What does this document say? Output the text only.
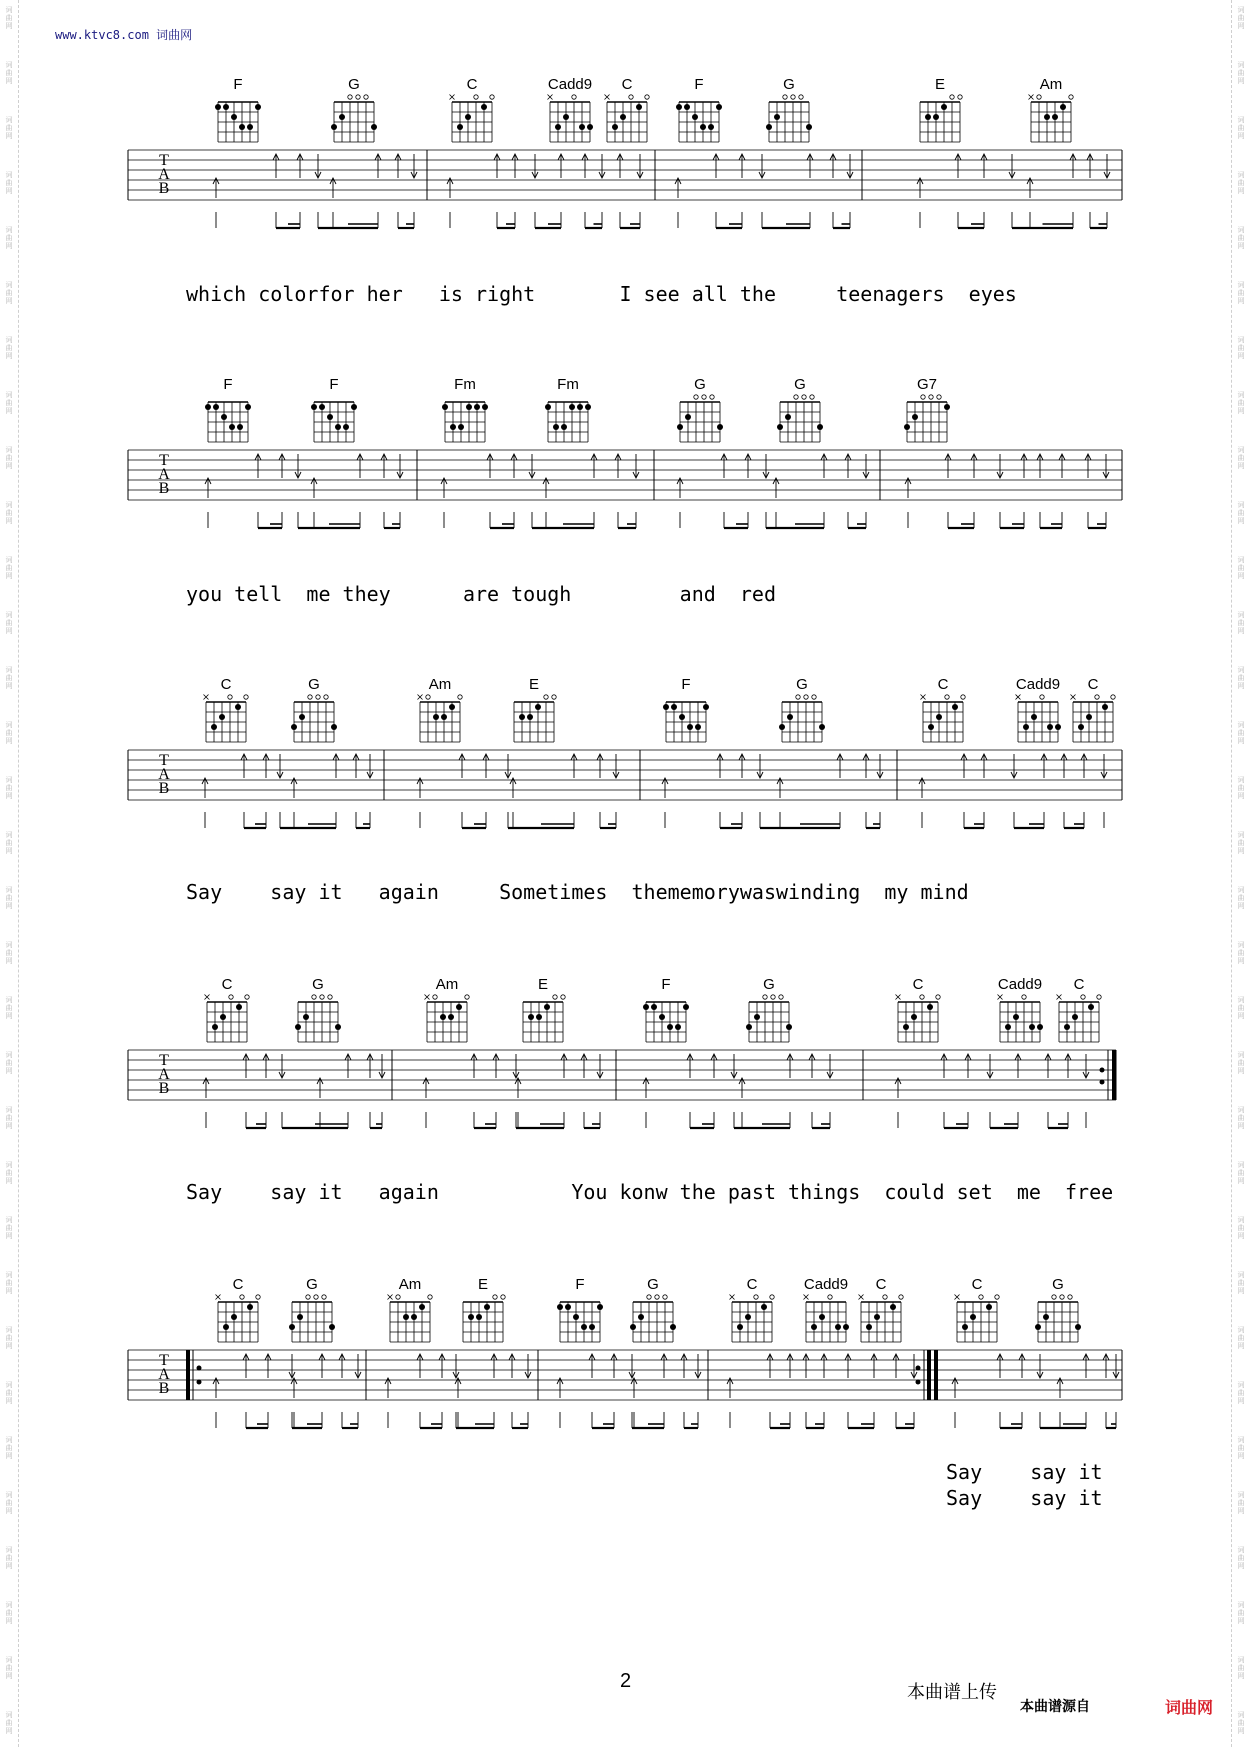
词
曲
网
词
曲
网
词
曲
网
词
曲
网
词
曲
网
词
曲
网
词
曲
网
词
曲
网
词
曲
网
词
曲
网
词
曲
网
词
曲
网
词
曲
网
词
曲
网
词
曲
网
词
曲
网
词
曲
网
词
曲
网
词
曲
网
词
曲
网
词
曲
网
词
曲
网
词
曲
网
词
曲
网
词
曲
网
词
曲
网
词
曲
网
词
曲
网
词
曲
网
词
曲
网
词
曲
网
词
曲
网
词
曲
网
词
曲
网
词
曲
网
词
曲
网
词
曲
网
词
曲
网
词
曲
网
词
曲
网
词
曲
网
词
曲
网
词
曲
网
词
曲
网
词
曲
网
词
曲
网
词
曲
网
词
曲
网
词
曲
网
词
曲
网
词
曲
网
词
曲
网
词
曲
网
词
曲
网
词
曲
网
词
曲
网
词
曲
网
词
曲
网
词
曲
网
词
曲
网
词
曲
网
词
曲
网
词
曲
网
词
曲
网
www.ktvc8.com 词曲网
T
A
B
F	G	C	Cadd9 C	F	G	E	Am
which colorfor her   is right       I see all the     teenagers  eyes
T
A
B
F	F	Fm	Fm	G	G	G7
you tell  me they      are tough         and  red
T
A
B
C	G	Am	E	F	G	C	Cadd9 C
Say    say it   again     Sometimes  thememorywaswinding  my mind
T
A
B
C	G	Am	E	F	G	C	Cadd9 C
Say    say it   again           You konw the past things  could set  me  free
T
A
B
C	G	Am	E	F	G	C	Cadd9 C	C	G
Say    say it
Say    say it
2
本曲谱上传
本曲谱源自	词曲网
